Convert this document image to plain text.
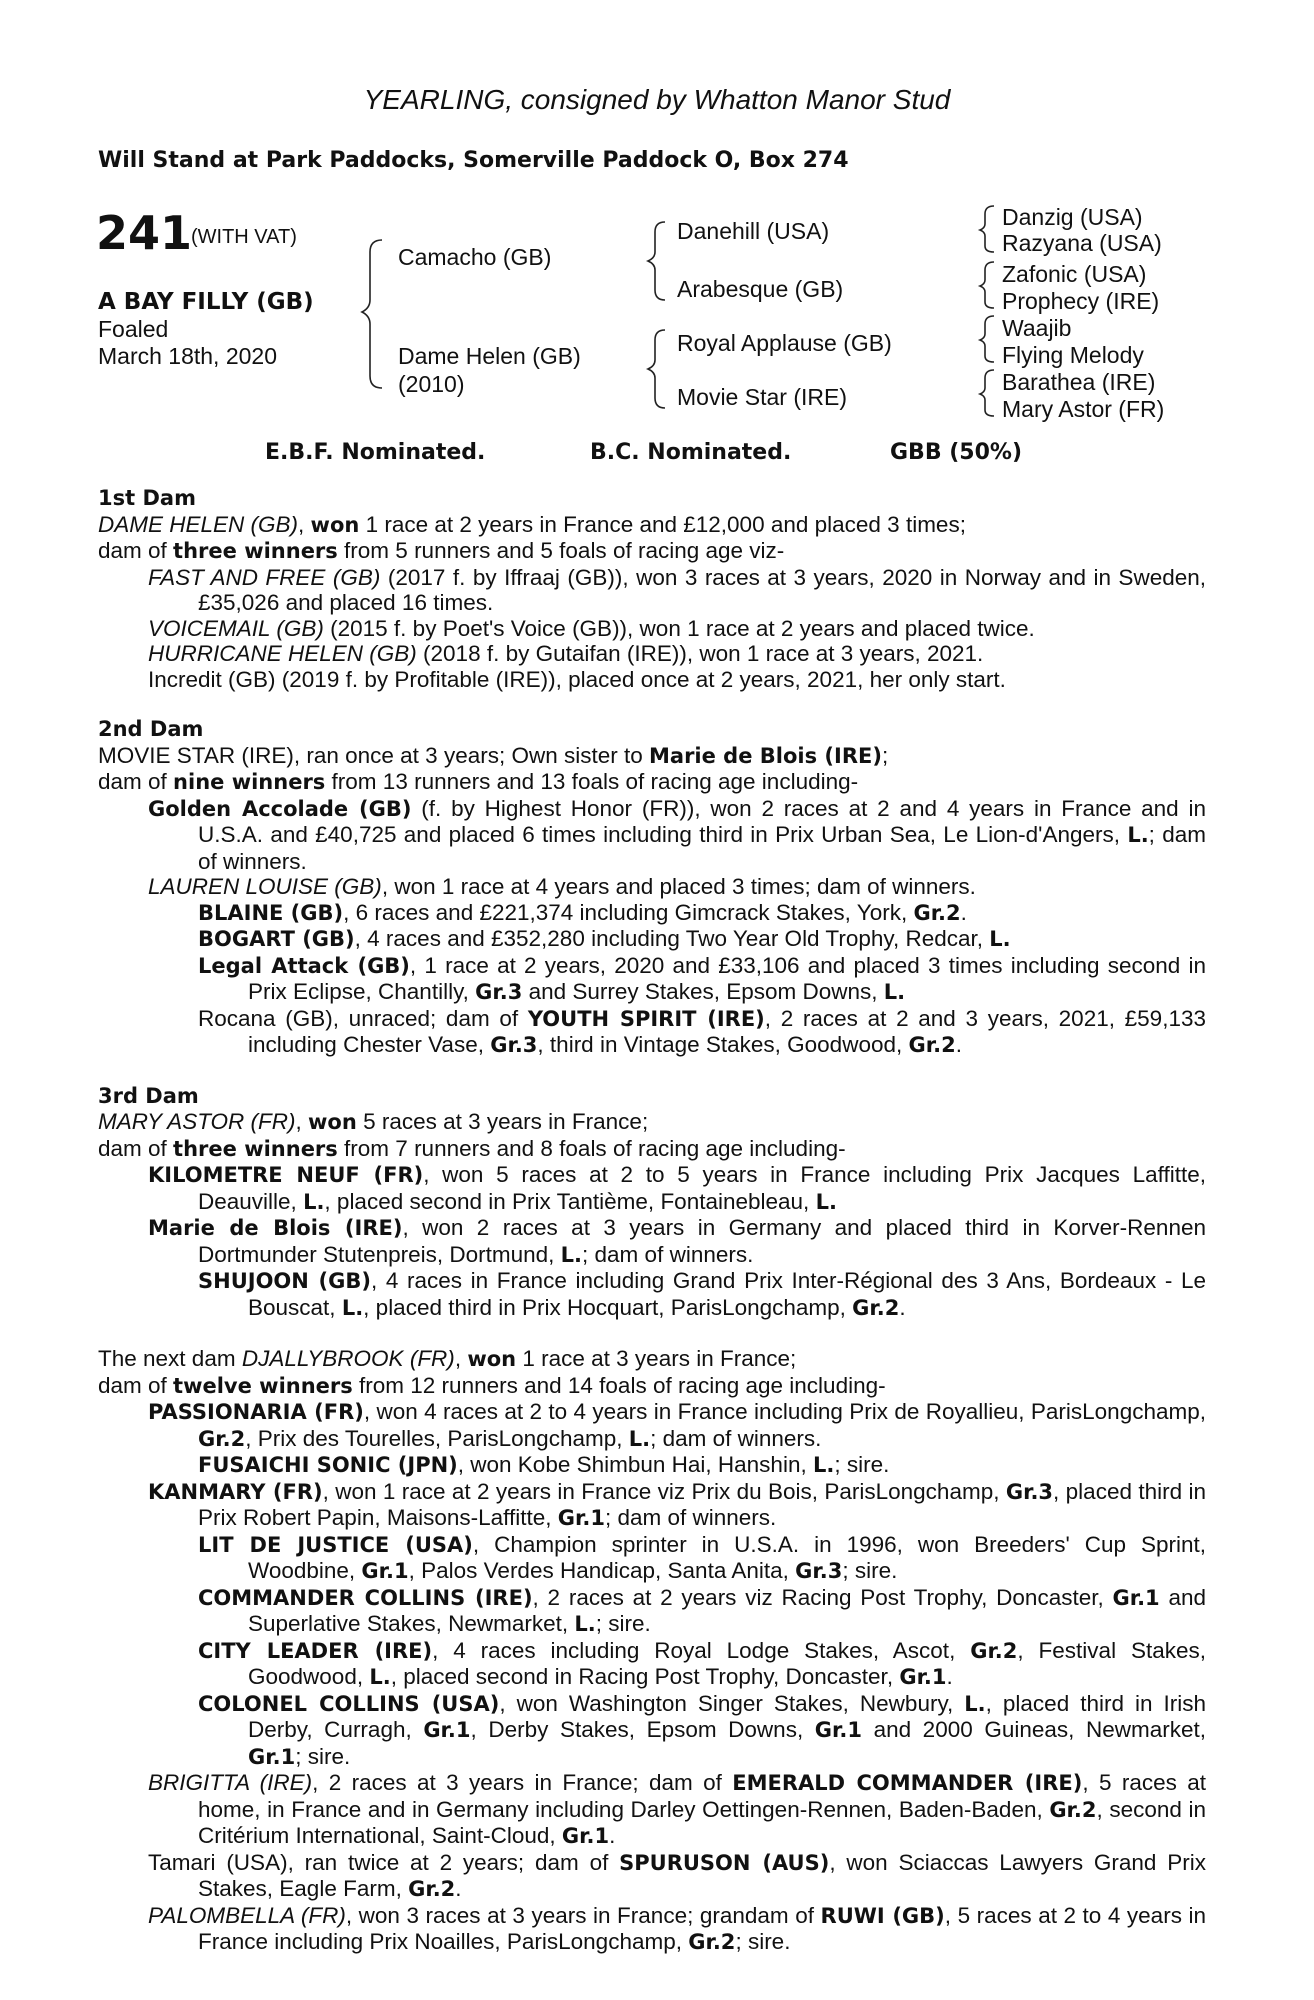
YEARLING, consigned by Whatton Manor Stud
Will Stand at Park Paddocks, Somerville Paddock O, Box 274
241
(WITH VAT)
A BAY FILLY (GB)
Foaled
March 18th, 2020
Camacho (GB)
Dame Helen (GB)
(2010)
Danehill (USA)
Arabesque (GB)
Royal Applause (GB)
Movie Star (IRE)
Danzig (USA)
Razyana (USA)
Zafonic (USA)
Prophecy (IRE)
Waajib
Flying Melody
Barathea (IRE)
Mary Astor (FR)
E.B.F. Nominated.	B.C. Nominated.	GBB (50%)
1st Dam
DAME HELEN (GB), won 1 race at 2 years in France and £12,000 and placed 3 times;
dam of three winners from 5 runners and 5 foals of racing age viz-
FAST AND FREE (GB) (2017 f. by Iffraaj (GB)), won 3 races at 3 years, 2020 in Norway and in Sweden, £35,026 and placed 16 times.
VOICEMAIL (GB) (2015 f. by Poet's Voice (GB)), won 1 race at 2 years and placed twice.
HURRICANE HELEN (GB) (2018 f. by Gutaifan (IRE)), won 1 race at 3 years, 2021.
Incredit (GB) (2019 f. by Profitable (IRE)), placed once at 2 years, 2021, her only start.
2nd Dam
MOVIE STAR (IRE), ran once at 3 years; Own sister to Marie de Blois (IRE);
dam of nine winners from 13 runners and 13 foals of racing age including-
Golden Accolade (GB) (f. by Highest Honor (FR)), won 2 races at 2 and 4 years in France and in U.S.A. and £40,725 and placed 6 times including third in Prix Urban Sea, Le Lion-d'Angers, L.; dam of winners.
LAUREN LOUISE (GB), won 1 race at 4 years and placed 3 times; dam of winners.
BLAINE (GB), 6 races and £221,374 including Gimcrack Stakes, York, Gr.2.
BOGART (GB), 4 races and £352,280 including Two Year Old Trophy, Redcar, L.
Legal Attack (GB), 1 race at 2 years, 2020 and £33,106 and placed 3 times including second in Prix Eclipse, Chantilly, Gr.3 and Surrey Stakes, Epsom Downs, L.
Rocana (GB), unraced; dam of YOUTH SPIRIT (IRE), 2 races at 2 and 3 years, 2021, £59,133 including Chester Vase, Gr.3, third in Vintage Stakes, Goodwood, Gr.2.
3rd Dam
MARY ASTOR (FR), won 5 races at 3 years in France;
dam of three winners from 7 runners and 8 foals of racing age including-
KILOMETRE NEUF (FR), won 5 races at 2 to 5 years in France including Prix Jacques Laffitte, Deauville, L., placed second in Prix Tantième, Fontainebleau, L.
Marie de Blois (IRE), won 2 races at 3 years in Germany and placed third in Korver-Rennen Dortmunder Stutenpreis, Dortmund, L.; dam of winners.
SHUJOON (GB), 4 races in France including Grand Prix Inter-Régional des 3 Ans, Bordeaux - Le Bouscat, L., placed third in Prix Hocquart, ParisLongchamp, Gr.2.
The next dam DJALLYBROOK (FR), won 1 race at 3 years in France;
dam of twelve winners from 12 runners and 14 foals of racing age including-
PASSIONARIA (FR), won 4 races at 2 to 4 years in France including Prix de Royallieu, ParisLongchamp, Gr.2, Prix des Tourelles, ParisLongchamp, L.; dam of winners.
FUSAICHI SONIC (JPN), won Kobe Shimbun Hai, Hanshin, L.; sire.
KANMARY (FR), won 1 race at 2 years in France viz Prix du Bois, ParisLongchamp, Gr.3, placed third in Prix Robert Papin, Maisons-Laffitte, Gr.1; dam of winners.
LIT DE JUSTICE (USA), Champion sprinter in U.S.A. in 1996, won Breeders' Cup Sprint, Woodbine, Gr.1, Palos Verdes Handicap, Santa Anita, Gr.3; sire.
COMMANDER COLLINS (IRE), 2 races at 2 years viz Racing Post Trophy, Doncaster, Gr.1 and Superlative Stakes, Newmarket, L.; sire.
CITY LEADER (IRE), 4 races including Royal Lodge Stakes, Ascot, Gr.2, Festival Stakes, Goodwood, L., placed second in Racing Post Trophy, Doncaster, Gr.1.
COLONEL COLLINS (USA), won Washington Singer Stakes, Newbury, L., placed third in Irish Derby, Curragh, Gr.1, Derby Stakes, Epsom Downs, Gr.1 and 2000 Guineas, Newmarket, Gr.1; sire.
BRIGITTA (IRE), 2 races at 3 years in France; dam of EMERALD COMMANDER (IRE), 5 races at home, in France and in Germany including Darley Oettingen-Rennen, Baden-Baden, Gr.2, second in Critérium International, Saint-Cloud, Gr.1.
Tamari (USA), ran twice at 2 years; dam of SPURUSON (AUS), won Sciaccas Lawyers Grand Prix Stakes, Eagle Farm, Gr.2.
PALOMBELLA (FR), won 3 races at 3 years in France; grandam of RUWI (GB), 5 races at 2 to 4 years in France including Prix Noailles, ParisLongchamp, Gr.2; sire.
